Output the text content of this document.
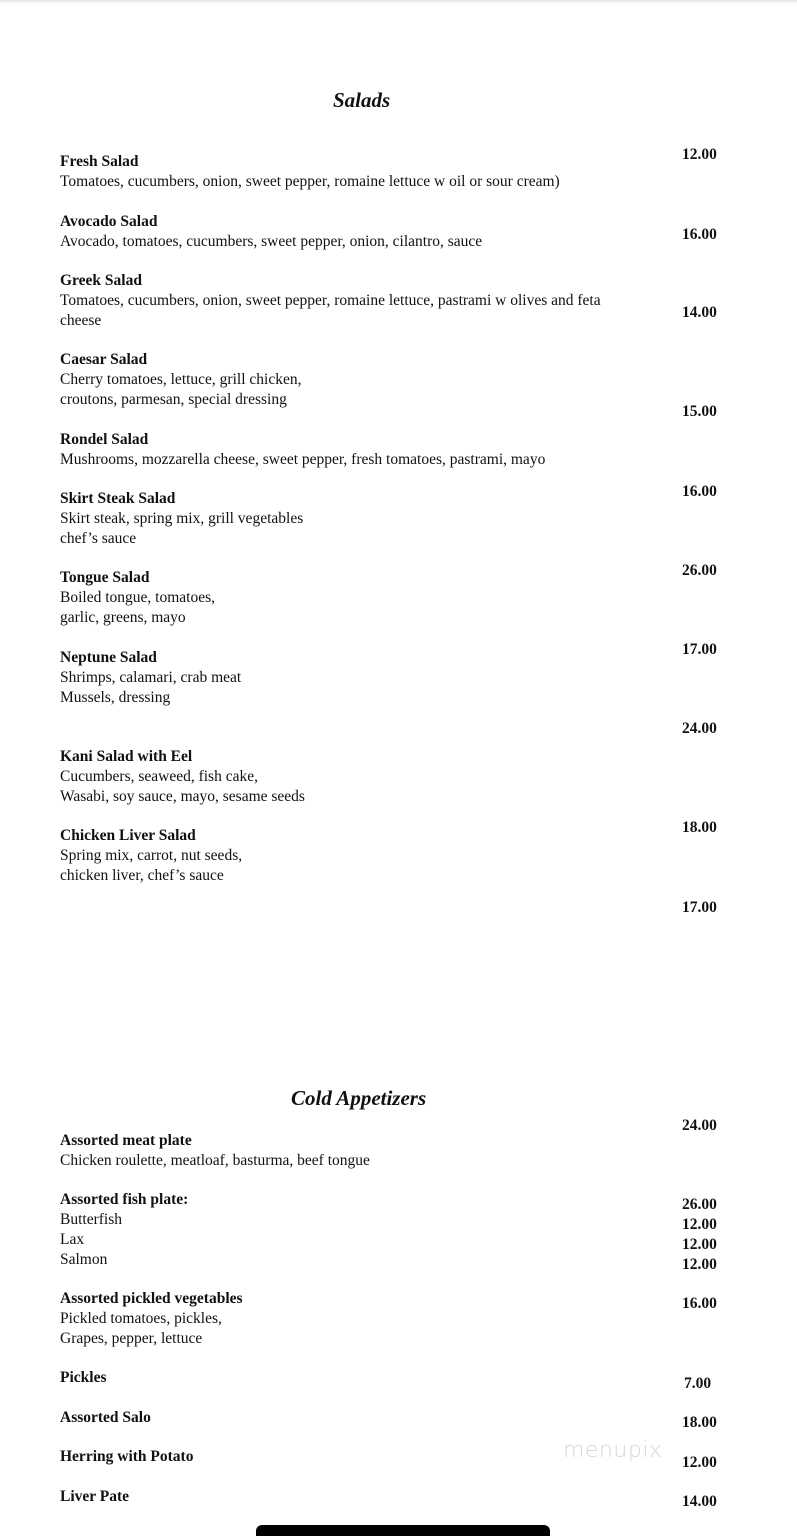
Salads
Fresh Salad
Tomatoes, cucumbers, onion, sweet pepper, romaine lettuce w oil or sour cream)
Avocado Salad
Avocado, tomatoes, cucumbers, sweet pepper, onion, cilantro, sauce
Greek Salad
Tomatoes, cucumbers, onion, sweet pepper, romaine lettuce, pastrami w olives and feta
cheese
Caesar Salad
Cherry tomatoes, lettuce, grill chicken,
croutons, parmesan, special dressing
Rondel Salad
Mushrooms, mozzarella cheese, sweet pepper, fresh tomatoes, pastrami, mayo
Skirt Steak Salad
Skirt steak, spring mix, grill vegetables
chef’s sauce
Tongue Salad
Boiled tongue, tomatoes,
garlic, greens, mayo
Neptune Salad
Shrimps, calamari, crab meat
Mussels, dressing
Kani Salad with Eel
Cucumbers, seaweed, fish cake,
Wasabi, soy sauce, mayo, sesame seeds
Chicken Liver Salad
Spring mix, carrot, nut seeds,
chicken liver, chef’s sauce
12.00
16.00
14.00
15.00
16.00
26.00
17.00
24.00
18.00
17.00
Cold Appetizers
Assorted meat plate
Chicken roulette, meatloaf, basturma, beef tongue
Assorted fish plate:
Butterfish
Lax
Salmon
Assorted pickled vegetables
Pickled tomatoes, pickles,
Grapes, pepper, lettuce
Pickles
Assorted Salo
Herring with Potato
Liver Pate
24.00
26.00
12.00
12.00
12.00
16.00
7.00
18.00
12.00
14.00
menupix
